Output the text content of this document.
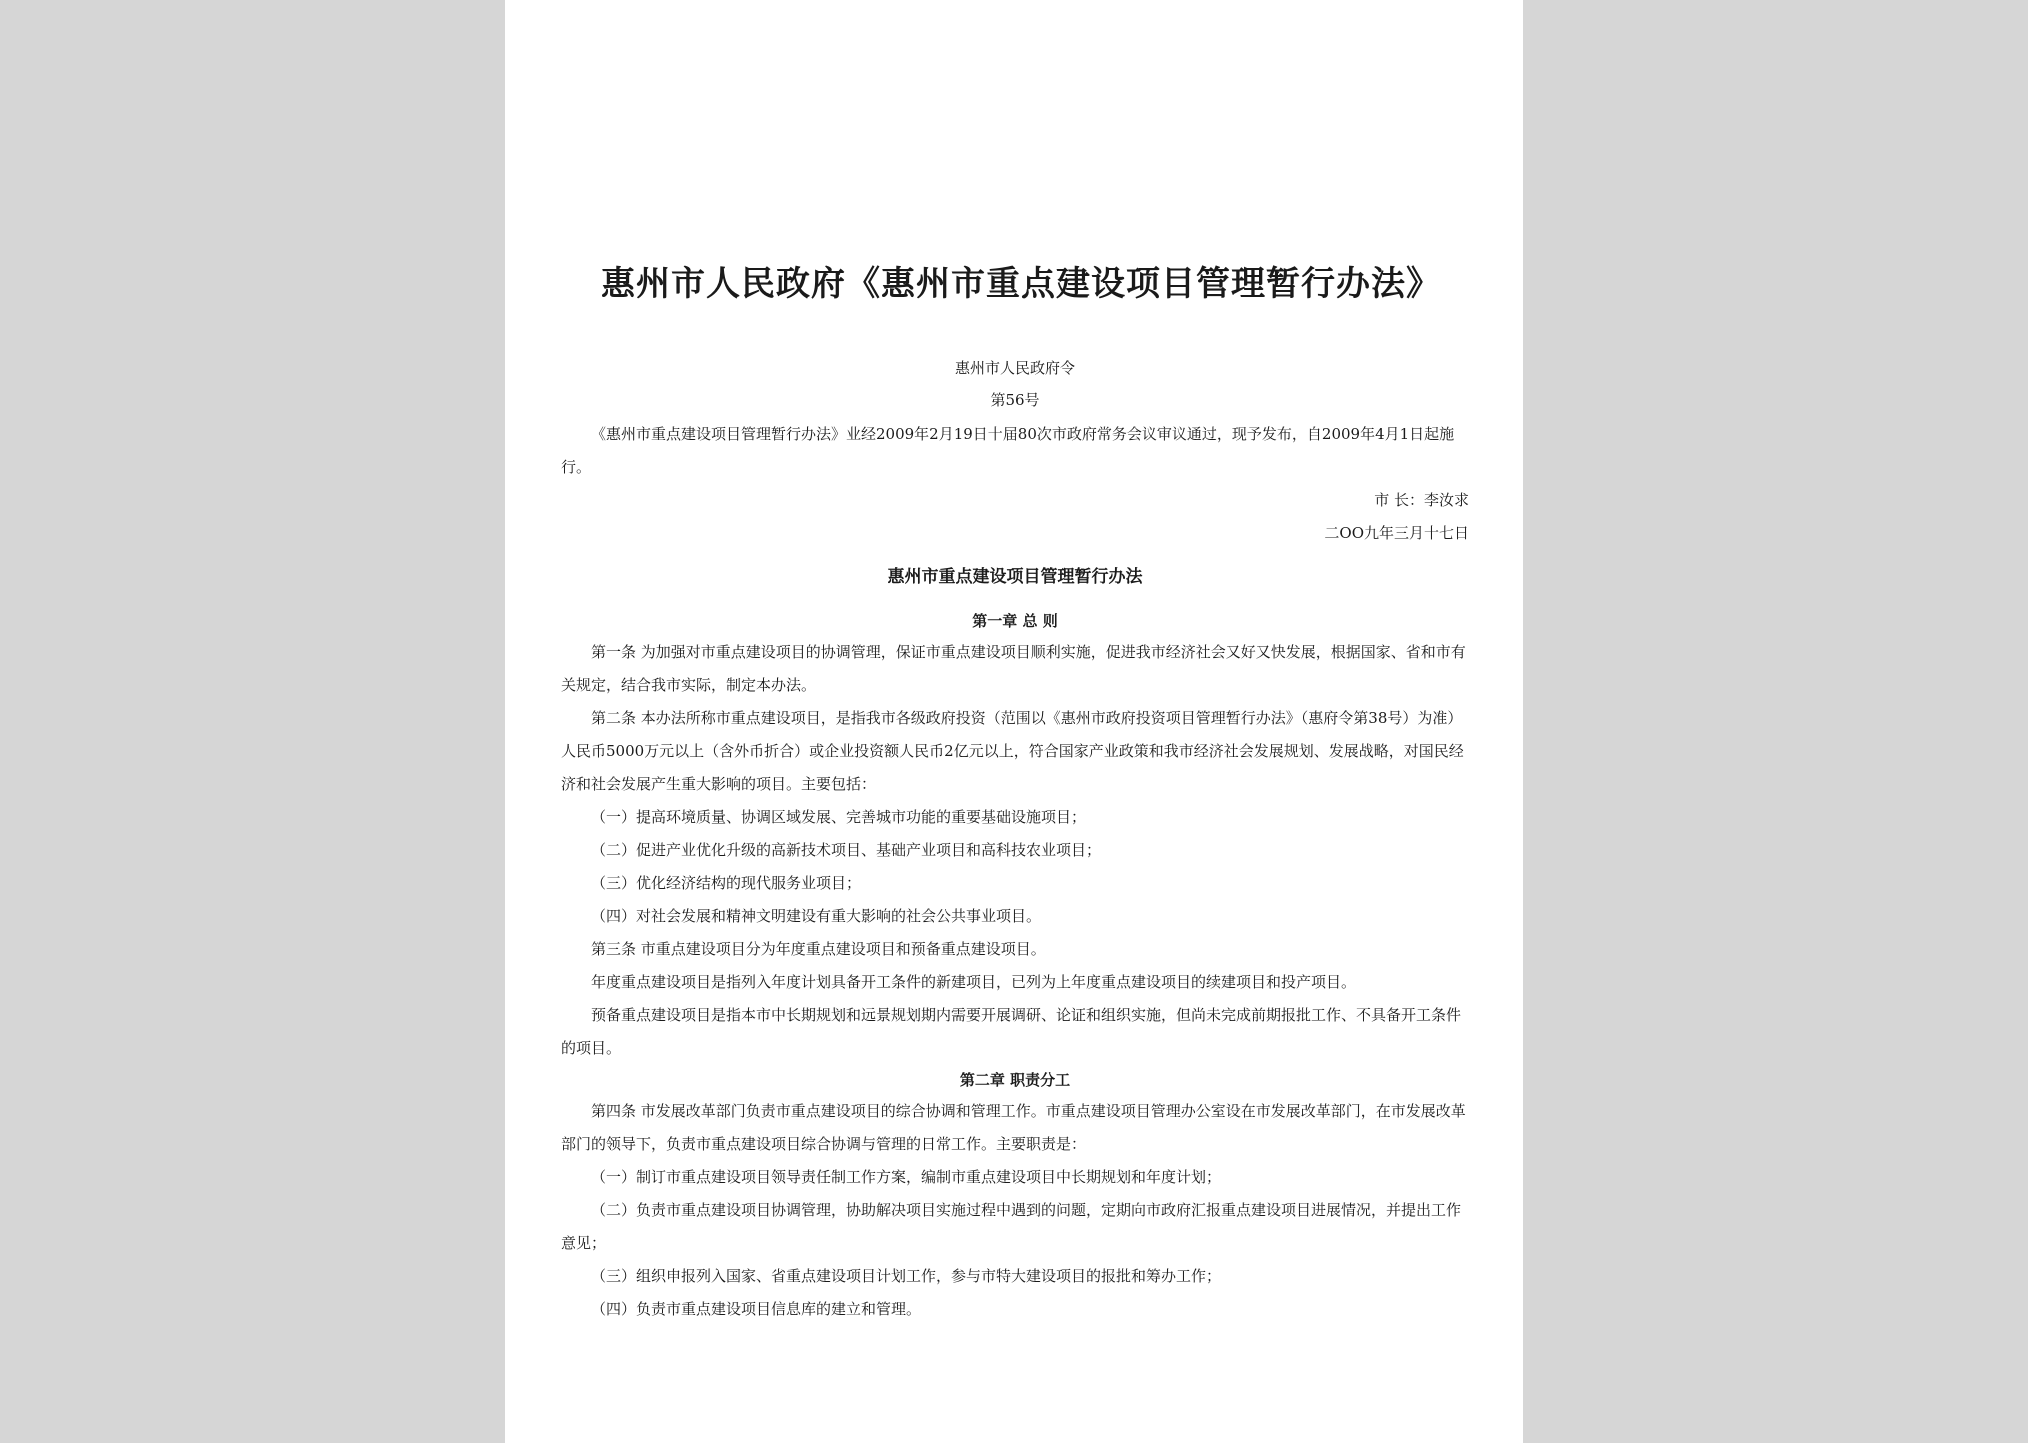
惠州市人民政府《惠州市重点建设项目管理暂行办法》

惠州市人民政府令

第56号

《惠州市重点建设项目管理暂行办法》业经2009年2月19日十届80次市政府常务会议审议通过，现予发布，自2009年4月1日起施行。

市 长：李汝求

二OO九年三月十七日

惠州市重点建设项目管理暂行办法
第一章 总 则

第一条 为加强对市重点建设项目的协调管理，保证市重点建设项目顺利实施，促进我市经济社会又好又快发展，根据国家、省和市有关规定，结合我市实际，制定本办法。

第二条 本办法所称市重点建设项目，是指我市各级政府投资（范围以《惠州市政府投资项目管理暂行办法》（惠府令第38号）为准）人民币5000万元以上（含外币折合）或企业投资额人民币2亿元以上，符合国家产业政策和我市经济社会发展规划、发展战略，对国民经济和社会发展产生重大影响的项目。主要包括：

（一）提高环境质量、协调区域发展、完善城市功能的重要基础设施项目；

（二）促进产业优化升级的高新技术项目、基础产业项目和高科技农业项目；

（三）优化经济结构的现代服务业项目；

（四）对社会发展和精神文明建设有重大影响的社会公共事业项目。

第三条 市重点建设项目分为年度重点建设项目和预备重点建设项目。

年度重点建设项目是指列入年度计划具备开工条件的新建项目，已列为上年度重点建设项目的续建项目和投产项目。

预备重点建设项目是指本市中长期规划和远景规划期内需要开展调研、论证和组织实施，但尚未完成前期报批工作、不具备开工条件的项目。

第二章 职责分工

第四条 市发展改革部门负责市重点建设项目的综合协调和管理工作。市重点建设项目管理办公室设在市发展改革部门，在市发展改革部门的领导下，负责市重点建设项目综合协调与管理的日常工作。主要职责是：

（一）制订市重点建设项目领导责任制工作方案，编制市重点建设项目中长期规划和年度计划；

（二）负责市重点建设项目协调管理，协助解决项目实施过程中遇到的问题，定期向市政府汇报重点建设项目进展情况，并提出工作意见；

（三）组织申报列入国家、省重点建设项目计划工作，参与市特大建设项目的报批和筹办工作；

（四）负责市重点建设项目信息库的建立和管理。
